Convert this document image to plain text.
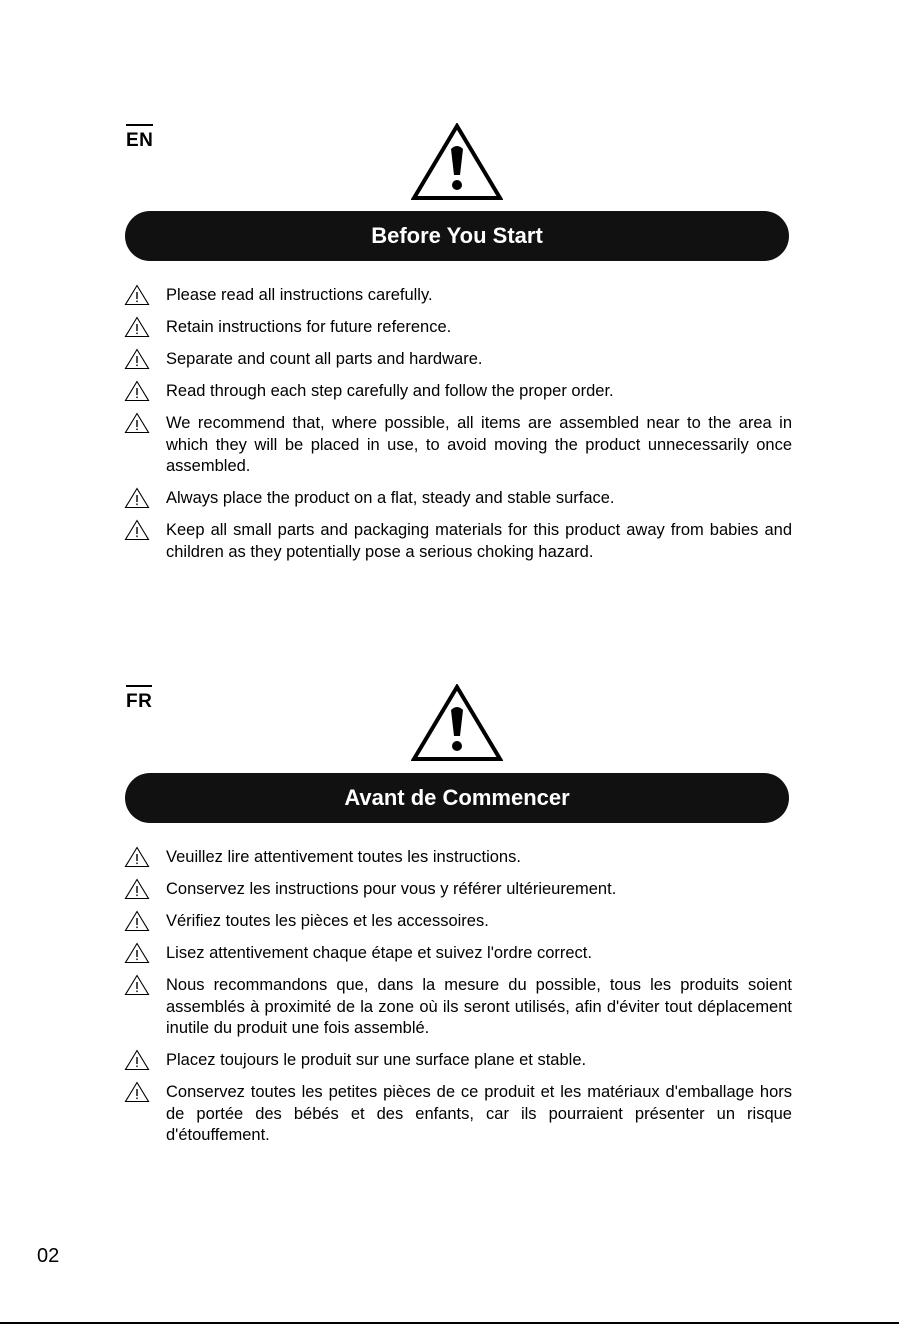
EN
Before You Start
Please read all instructions carefully.
Retain instructions for future reference.
Separate and count all parts and hardware.
Read through each step carefully and follow the proper order.
We recommend that, where possible, all items are assembled near to the area in which they will be placed in use, to avoid moving the product unnecessarily once assembled.
Always place the product on a flat, steady and stable surface.
Keep all small parts and packaging materials for this product away from babies and children as they potentially pose a serious choking hazard.
FR
Avant de Commencer
Veuillez lire attentivement toutes les instructions.
Conservez les instructions pour vous y référer ultérieurement.
Vérifiez toutes les pièces et les accessoires.
Lisez attentivement chaque étape et suivez l'ordre correct.
Nous recommandons que, dans la mesure du possible, tous les produits soient assemblés à proximité de la zone où ils seront utilisés, afin d'éviter tout déplacement inutile du produit une fois assemblé.
Placez toujours le produit sur une surface plane et stable.
Conservez toutes les petites pièces de ce produit et les matériaux d'emballage hors de portée des bébés et des enfants, car ils pourraient présenter un risque d'étouffement.
02
